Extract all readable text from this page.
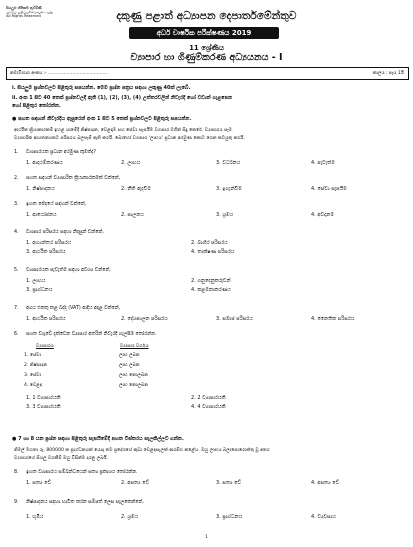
සියලුම හිමිකම් ඇවිරිණි
முழுப் பதிப்புரிமையுடையது
All Rights Reserved	දකුණු පළාත් අධ්‍යාපන දෙපාර්තමේන්තුව
අර්ධ වාර්ෂික පරීක්ෂණය 2019
11 ශ්‍රේණිය
ව්‍යාපාර හා ගිණුම්කරණ අධ්‍යයනය - I
නම/විභාග අංකය :- ..........................................	කාලය : පැය 1යි
i. සියලුම ප්‍රශ්නවලට පිළිතුරු සපයන්න. මෙම ප්‍රශ්න පත්‍රය සඳහා ලකුණු 40ක් ලැබේ.
ii. අංක 1 සිට 40 තෙක් ප්‍රශ්නවලදී ඇති (1), (2), (3), (4) උත්තරවලින් නිවැරදි හෝ වඩාත් ගැළපෙන
හෝ පිළිතුර තෝරන්න.
● පහත සඳහන් නිවැරදිය ඇසුරෙන් අංක 1 සිට 5 තෙක් ප්‍රශ්නවලට පිළිතුරු සපයන්න.
ආර්ථික ක්‍රියාකාරකම් ඉහළ යාමේදී නිෂ්පාදන, වෙළඳාම සහ සේවා සැපයීම ව්‍යාපාර මගින් සිදු කෙරේ. ව්‍යාපාරය සෑම
ව්‍යාපාරික ආයතනයකට පරිසරය බලපෑම් ඇති කරයි. බොහෝ ව්‍යාපාර 'ලාභය' ප්‍රධාන අරමුණ කොට ගෙන කටයුතු කරයි.
1.	ව්‍යාපාරයක ප්‍රධාන අරමුණ කුමක්ද?
1. ආදායම්කරණය	2. ලාභය	3. වර්ධනය	4. පැවැත්ම
2.	පහත සඳහන් ව්‍යාපාරික ක්‍රියාකාරකමක් වන්නේ,
1. නිෂ්පාදනය	2. නීති ඇදවීම	3. ඉගැන්වීම	4. සේවා සැපයීම
3.	ඉහත ඡේදයේ සඳහන් වන්නේ,
1. ආයෝජනය	2. පාලනය	3. ශ්‍රමය	4. අවදානම
4.	ව්‍යාපාර පරිසරය සඳහා නිදසුන් වන්නේ,
1. අභ්‍යන්තර පරිසරය	2. බාහිර පරිසරය
3. ආර්ථික පරිසරය	4. තාක්ෂණ පරිසරය
5.	ව්‍යාපාරයක පැවැත්ම සඳහා අවශ්‍ය වන්නේ,
1. ලාභය	2. ගනුදෙනුකරුවන්
3. ප්‍රාග්ධනය	4. කළමනාකරණය
7.	අගය එකතු කළ බද්ද (VAT) ආදිය අදාළ වන්නේ,
1. ආර්ථික පරිසරය	2. දේශපාලන පරිසරය	3. සමාජ පරිසරය	4. නෛතික පරිසරය
6.	පහත වගුවේ දැක්වෙන ව්‍යාපාර අතරින් නිවැරදි ගැලපීම තෝරන්න.
ව්‍යාපාරය	ව්‍යාපාර වර්ගය
1. සේවා	ලාභ ලබන
2. නිෂ්පාදන	ලාභ ලබන
3. සේවා	ලාභ නොලබන
4. වෙළඳ	ලාභ නොලබන
1. 1 ව්‍යාපාරයකි	2. 2 ව්‍යාපාරයකි
3. 3 ව්‍යාපාරයකි	4. 4 ව්‍යාපාරයකි
● 7 හා 8 යන ප්‍රශ්න සඳහා පිළිතුරු සැපයීමේදී පහත විස්තරය සැලකිල්ලට ගන්න.
නිමල් මහතා රු. 800000 ක ප්‍රාග්ධනයක් යොදා තම ප්‍රදේශයේ කුඩා වෙළඳසැලක් ආරම්භ කළේය. ඔහු ලාභය බලාපොරොත්තු වූ අතර
ව්‍යාපාරයේ සියලු වගකීම් ඔහු විසින්ම දරනු ලබයි.
8.	ඉහත ව්‍යාපාරය සම්බන්ධයෙන් සත්‍ය ප්‍රකාශය තෝරන්න.
1. සත්‍ය වේ	2. අසත්‍ය වේ	3. සත්‍ය වේ	4. අසත්‍ය වේ
9.	නිෂ්පාදනය සඳහා භාවිත කරන සම්පත් ලෙස සැලකෙන්නේ,
1. භූමිය	2. ශ්‍රමය	3. ප්‍රාග්ධනය	4. ව්‍යවසාය
1
